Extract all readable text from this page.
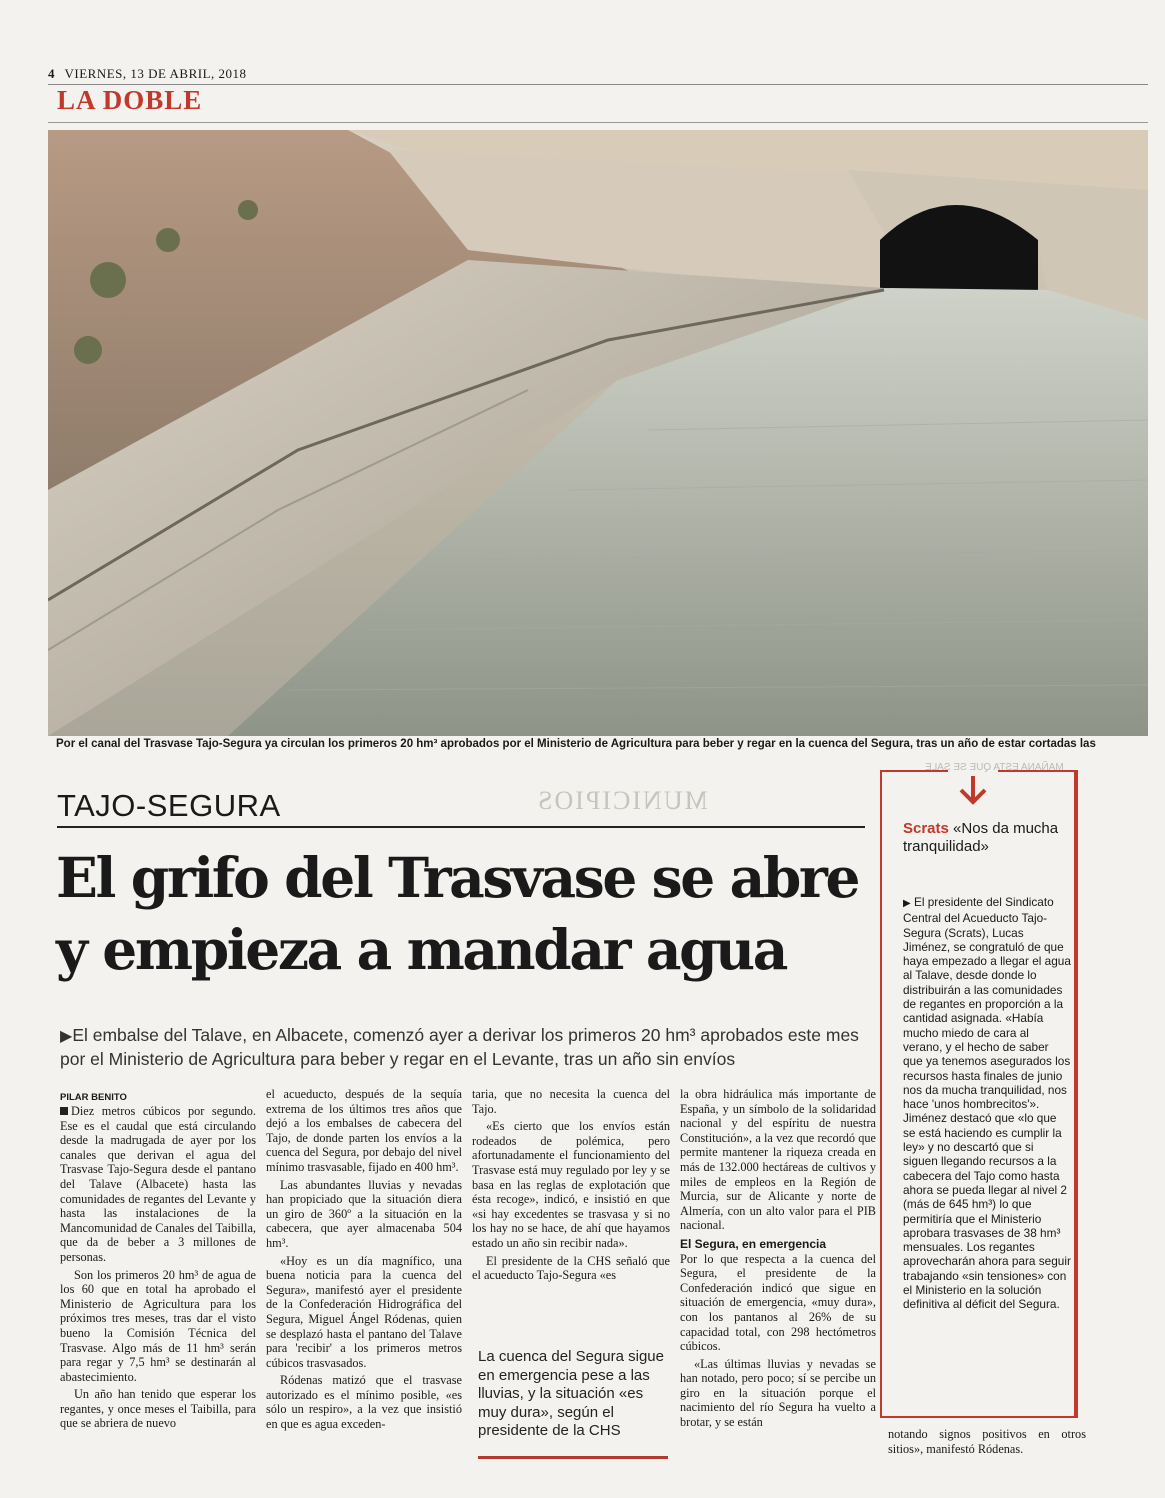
4 VIERNES, 13 DE ABRIL, 2018
LA DOBLE
Por el canal del Trasvase Tajo-Segura ya circulan los primeros 20 hm³ aprobados por el Ministerio de Agricultura para beber y regar en la cuenca del Segura, tras un año de estar cortadas las
MUNICIPIOS
TAJO-SEGURA
El grifo del Trasvase se abre
y empieza a mandar agua
▶El embalse del Talave, en Albacete, comenzó ayer a derivar los primeros 20 hm³ aprobados este mes por el Ministerio de Agricultura para beber y regar en el Levante, tras un año sin envíos
PILAR BENITO

Diez metros cúbicos por segundo. Ese es el caudal que está circulando desde la madrugada de ayer por los canales que derivan el agua del Trasvase Tajo-Segura desde el pantano del Talave (Albacete) hasta las comunidades de regantes del Levante y hasta las instalaciones de la Mancomunidad de Canales del Taibilla, que da de beber a 3 millones de personas.

Son los primeros 20 hm³ de agua de los 60 que en total ha aprobado el Ministerio de Agricultura para los próximos tres meses, tras dar el visto bueno la Comisión Técnica del Trasvase. Algo más de 11 hm³ serán para regar y 7,5 hm³ se destinarán al abastecimiento.

Un año han tenido que esperar los regantes, y once meses el Taibilla, para que se abriera de nuevo

el acueducto, después de la sequía extrema de los últimos tres años que dejó a los embalses de cabecera del Tajo, de donde parten los envíos a la cuenca del Segura, por debajo del nivel mínimo trasvasable, fijado en 400 hm³.

Las abundantes lluvias y nevadas han propiciado que la situación diera un giro de 360º a la situación en la cabecera, que ayer almacenaba 504 hm³.

«Hoy es un día magnífico, una buena noticia para la cuenca del Segura», manifestó ayer el presidente de la Confederación Hidrográfica del Segura, Miguel Ángel Ródenas, quien se desplazó hasta el pantano del Talave para 'recibir' a los primeros metros cúbicos trasvasados.

Ródenas matizó que el trasvase autorizado es el mínimo posible, «es sólo un respiro», a la vez que insistió en que es agua exceden-

taria, que no necesita la cuenca del Tajo.

«Es cierto que los envíos están rodeados de polémica, pero afortunadamente el funcionamiento del Trasvase está muy regulado por ley y se basa en las reglas de explotación que ésta recoge», indicó, e insistió en que «si hay excedentes se trasvasa y si no los hay no se hace, de ahí que hayamos estado un año sin recibir nada».

El presidente de la CHS señaló que el acueducto Tajo-Segura «es

La cuenca del Segura sigue en emergencia pese a las lluvias, y la situación «es muy dura», según el presidente de la CHS

la obra hidráulica más importante de España, y un símbolo de la solidaridad nacional y del espíritu de nuestra Constitución», a la vez que recordó que permite mantener la riqueza creada en más de 132.000 hectáreas de cultivos y miles de empleos en la Región de Murcia, sur de Alicante y norte de Almería, con un alto valor para el PIB nacional.

El Segura, en emergencia

Por lo que respecta a la cuenca del Segura, el presidente de la Confederación indicó que sigue en situación de emergencia, «muy dura», con los pantanos al 26% de su capacidad total, con 298 hectómetros cúbicos.

«Las últimas lluvias y nevadas se han notado, pero poco; sí se percibe un giro en la situación porque el nacimiento del río Segura ha vuelto a brotar, y se están

notando signos positivos en otros sitios», manifestó Ródenas.

MAÑANA ESTA QUE SE SALE
Scrats «Nos da mucha tranquilidad»
▶ El presidente del Sindicato Central del Acueducto Tajo-Segura (Scrats), Lucas Jiménez, se congratuló de que haya empezado a llegar el agua al Talave, desde donde lo distribuirán a las comunidades de regantes en proporción a la cantidad asignada. «Había mucho miedo de cara al verano, y el hecho de saber que ya tenemos asegurados los recursos hasta finales de junio nos da mucha tranquilidad, nos hace 'unos hombrecitos'». Jiménez destacó que «lo que se está haciendo es cumplir la ley» y no descartó que si siguen llegando recursos a la cabecera del Tajo como hasta ahora se pueda llegar al nivel 2 (más de 645 hm³) lo que permitiría que el Ministerio aprobara trasvases de 38 hm³ mensuales. Los regantes aprovecharán ahora para seguir trabajando «sin tensiones» con el Ministerio en la solución definitiva al déficit del Segura.
